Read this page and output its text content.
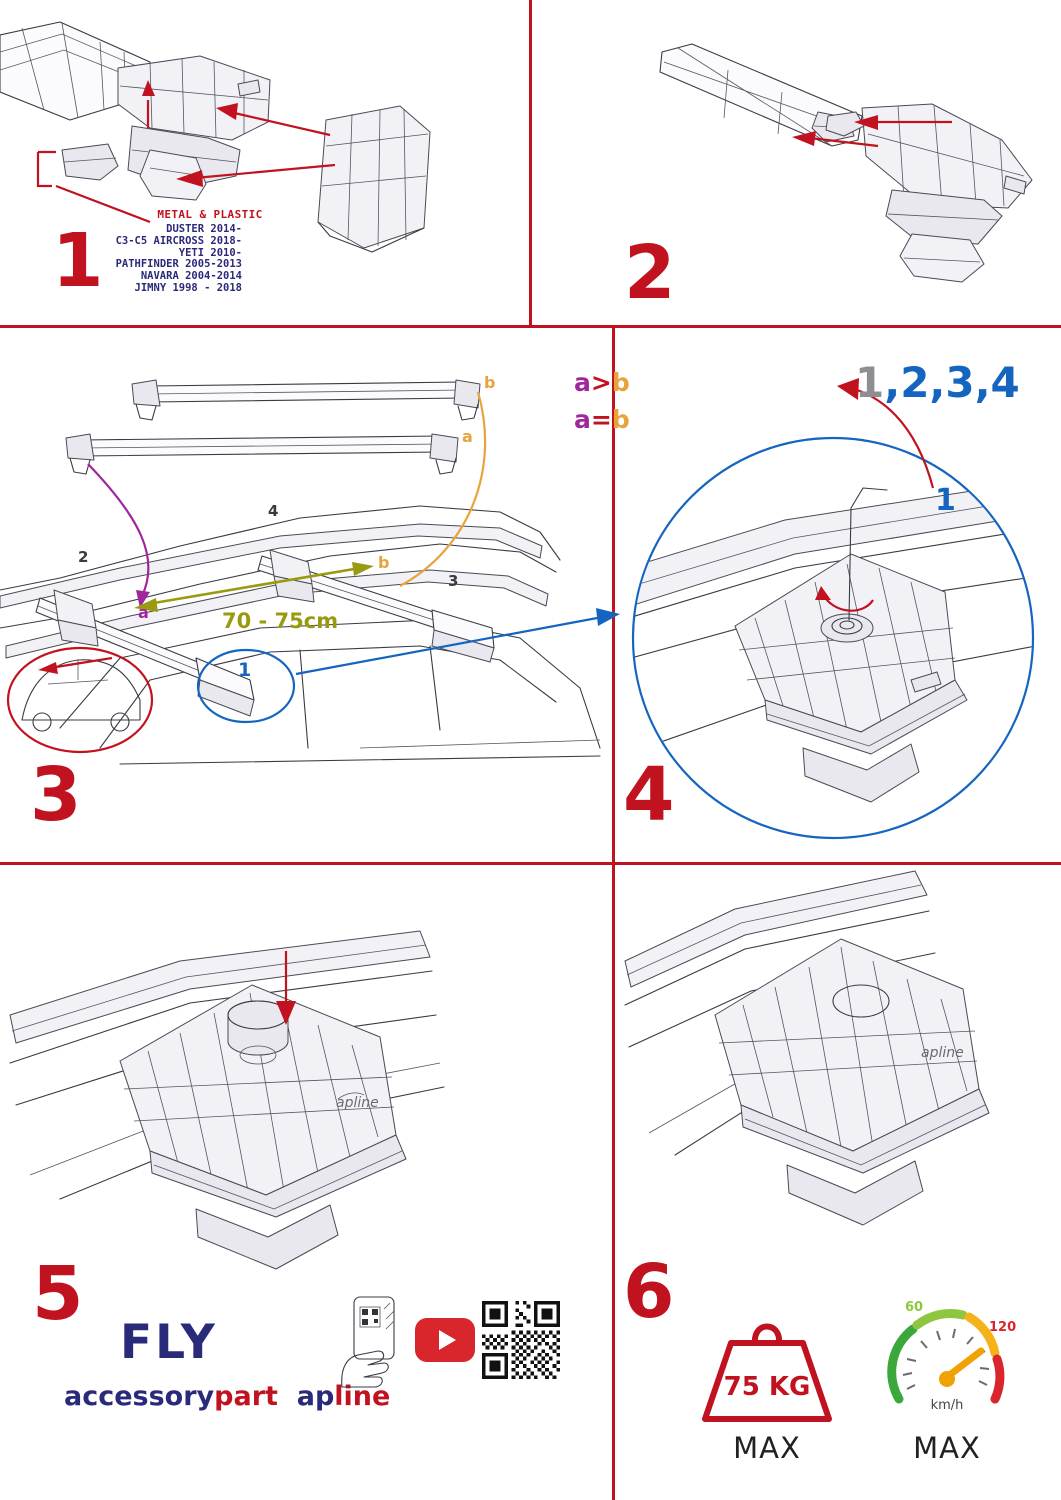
METAL & PLASTIC
DUSTER 2014-
C3-C5 AIRCROSS 2018-
YETI 2010-
PATHFINDER 2005-2013
NAVARA 2004-2014
JIMNY 1998 - 2018
1	2
2
4
3
1
b
a
b
a	70 - 75cm
3
a>b
a=b
1
1,2,3,4
4
apline
5
FLY
accessorypart apline
apline
6
75 KG
MAX
60
120
km/h
MAX
